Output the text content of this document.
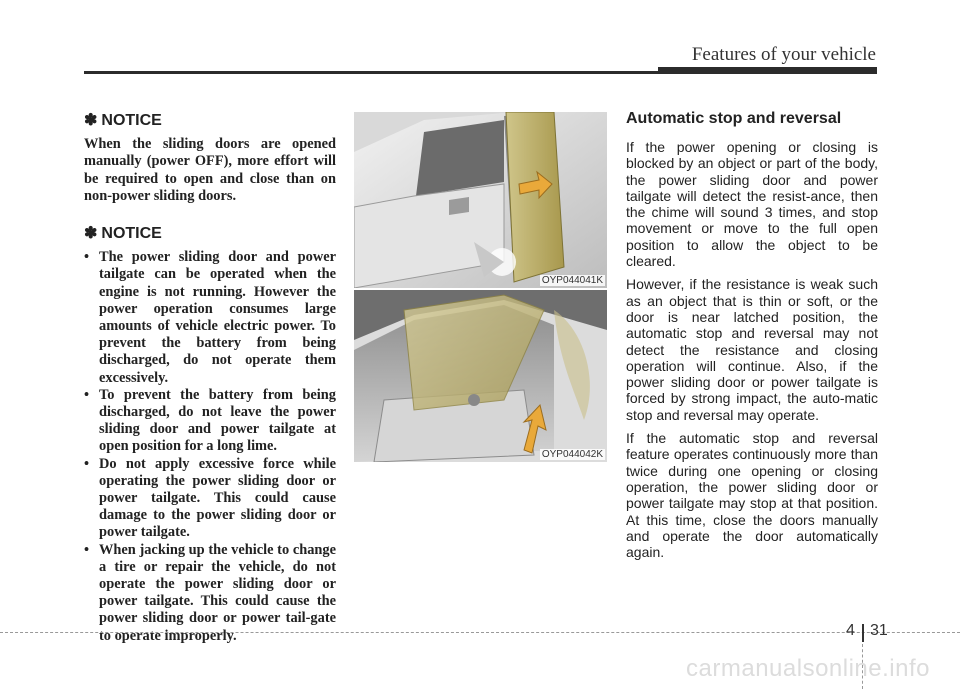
Features of your vehicle
✽ NOTICE

When the sliding doors are opened manually (power OFF), more effort will be required to open and close than on non-power sliding doors.

✽ NOTICE
• The power sliding door and power tailgate can be operated when the engine is not running. However the power operation consumes large amounts of vehicle electric power. To prevent the battery from being discharged, do not operate them excessively.
• To prevent the battery from being discharged, do not leave the power sliding door and power tailgate at open position for a long lime.
• Do not apply excessive force while operating the power sliding door or power tailgate. This could cause damage to the power sliding door or power tailgate.
• When jacking up the vehicle to change a tire or repair the vehicle, do not operate the power sliding door or power tailgate. This could cause the power sliding door or power tail-gate to operate improperly.
OYP044041K
OYP044042K
Automatic stop and reversal

If the power opening or closing is blocked by an object or part of the body, the power sliding door and power tailgate will detect the resist-ance, then the chime will sound 3 times, and stop movement or move to the full open position to allow the object to be cleared.

However, if the resistance is weak such as an object that is thin or soft, or the door is near latched position, the automatic stop and reversal may not detect the resistance and closing operation will continue. Also, if the power sliding door or power tailgate is forced by strong impact, the auto-matic stop and reversal may operate.

If the automatic stop and reversal feature operates continuously more than twice during one opening or closing operation, the power sliding door or power tailgate may stop at that position. At this time, close the doors manually and operate the door automatically again.

4 31
carmanualsonline.info
